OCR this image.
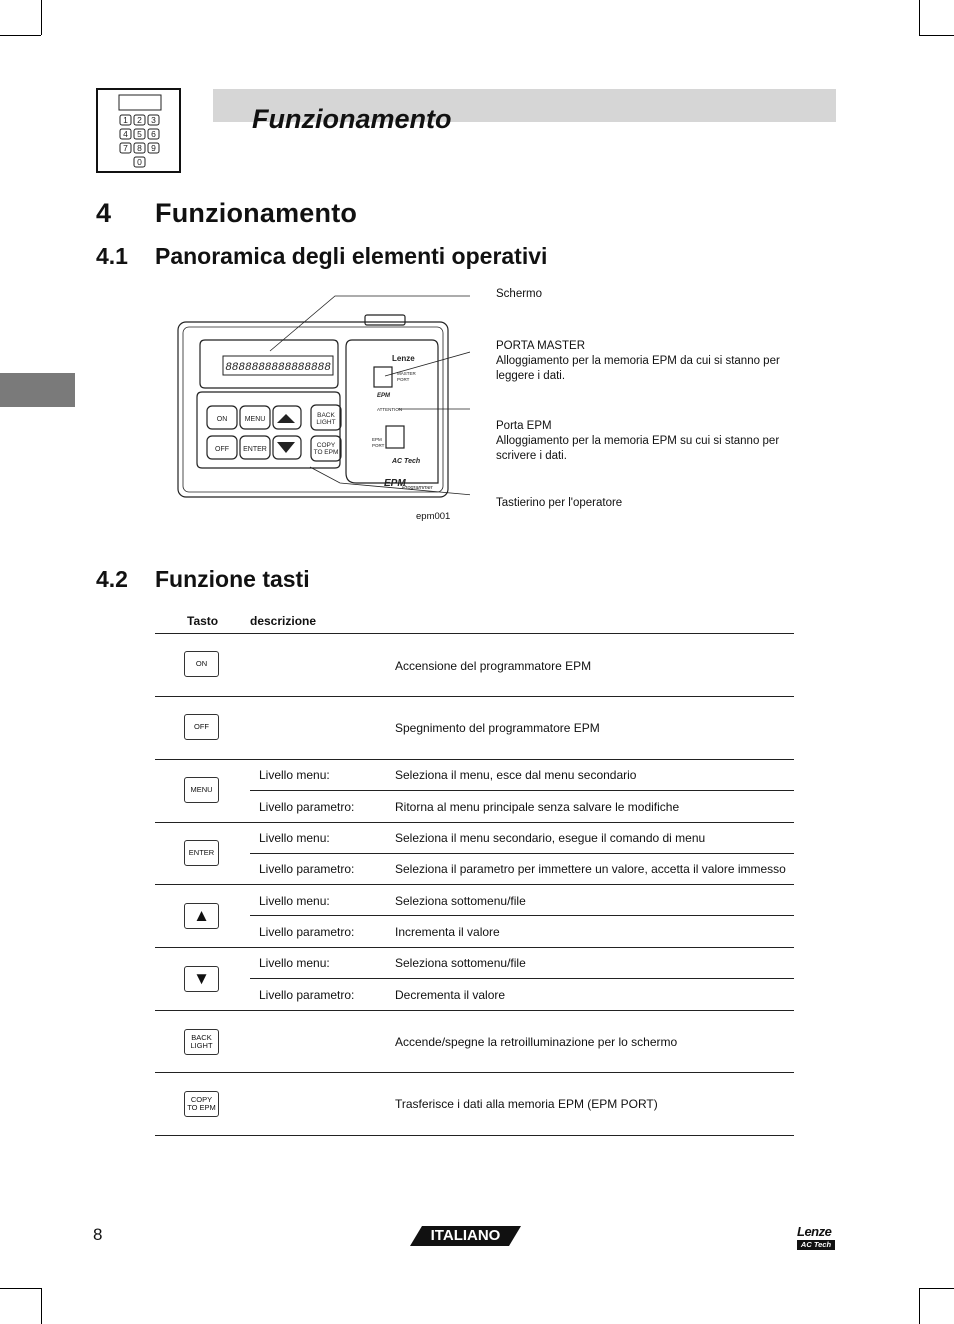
1 2 3
4 5 6
7 8 9
0
Funzionamento
4 Funzionamento
4.1 Panoramica degli elementi operativi
8888888888888888
ON MENU
BACK
LIGHT
OFF ENTER
COPY
TO EPM
Lenze
MASTER
PORT
EPM
ATTENTION
EPM
PORT
AC Tech
EPM
Programmer
epm001
Schermo
PORTA MASTER
Alloggiamento per la memoria EPM da cui si stanno per
leggere i dati.
Porta EPM
Alloggiamento per la memoria EPM su cui si stanno per
scrivere i dati.
Tastierino per l'operatore
4.2 Funzione tasti
Tasto	descrizione
ON	Accensione del programmatore EPM
OFF	Spegnimento del programmatore EPM
MENU
Livello menu:	Seleziona il menu, esce dal menu secondario
Livello parametro:	Ritorna al menu principale senza salvare le modifiche
ENTER
Livello menu:	Seleziona il menu secondario, esegue il comando di menu
Livello parametro:	Seleziona il parametro per immettere un valore, accetta il valore immesso
▲
Livello menu:	Seleziona sottomenu/file
Livello parametro:	Incrementa il valore
▼
Livello menu:	Seleziona sottomenu/file
Livello parametro:	Decrementa il valore
BACK
LIGHT	Accende/spegne la retroilluminazione per lo schermo
COPY
TO EPM	Trasferisce i dati alla memoria EPM (EPM PORT)
8	ITALIANO	Lenze
AC Tech
